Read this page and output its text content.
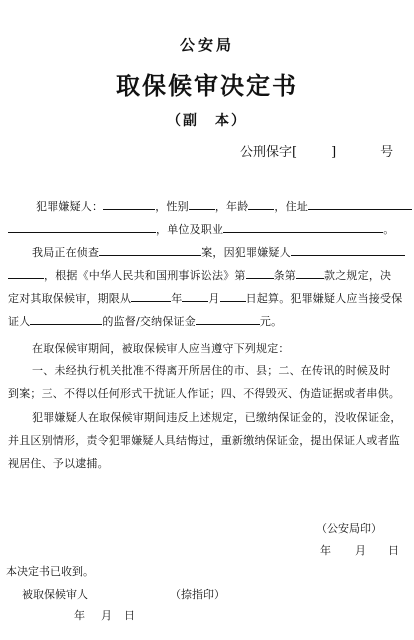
公安局
取保候审决定书
（副　本）
公刑保字[	]	号
犯罪嫌疑人：	，性别 ，年龄 ，住址
，单位及职业	。
我局正在侦查	案，因犯罪嫌疑人
，根据《中华人民共和国刑事诉讼法》第	条第	款之规定，决
定对其取保候审，期限从	年 月 日起算。犯罪嫌疑人应当接受保
证人	的监督/交纳保证金	元。
在取保候审期间，被取保候审人应当遵守下列规定：
一、未经执行机关批准不得离开所居住的市、县；二、在传讯的时候及时
到案；三、不得以任何形式干扰证人作证；四、不得毁灭、伪造证据或者串供。
犯罪嫌疑人在取保候审期间违反上述规定，已缴纳保证金的，没收保证金，
并且区别情形，责令犯罪嫌疑人具结悔过，重新缴纳保证金，提出保证人或者监
视居住、予以逮捕。
（公安局印）
年 月 日
本决定书已收到。
被取保候审人	（捺指印）
年 月 日
